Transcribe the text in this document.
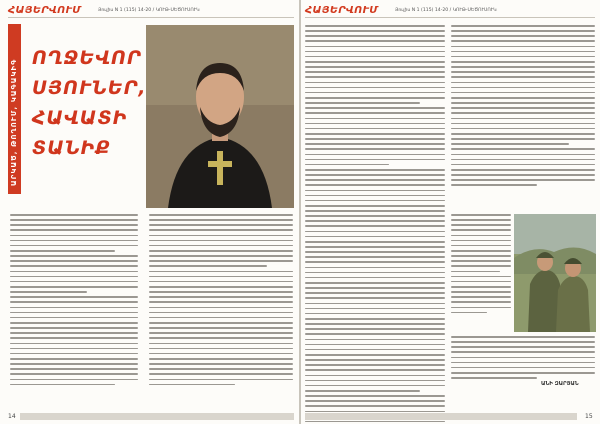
ՀԱՅԵՐՎՈՒՄ	Յուլիս N 1 (115) 14-20 / ԿՈՒԹ-ՍԵԾՈՒՍՈՒԿ
ԱՐԿԱԾ, ԹՈՂՈՒՄ, ԿԱԳԱԿԻԳ
ՈՂՋԵՎՈՐ
ՍՅՈՒՆԵՐ,
ՀԱՎԱՏԻ
ՏԱՆԻՔ
14
ՀԱՅԵՐՎՈՒՄ	Յուլիս N 1 (115) 14-20 / ԿՈՒԹ-ՍԵԾՈՒՍՈՒԿ
ԱՆԻ ԶԱՐՅԱՆ
15
